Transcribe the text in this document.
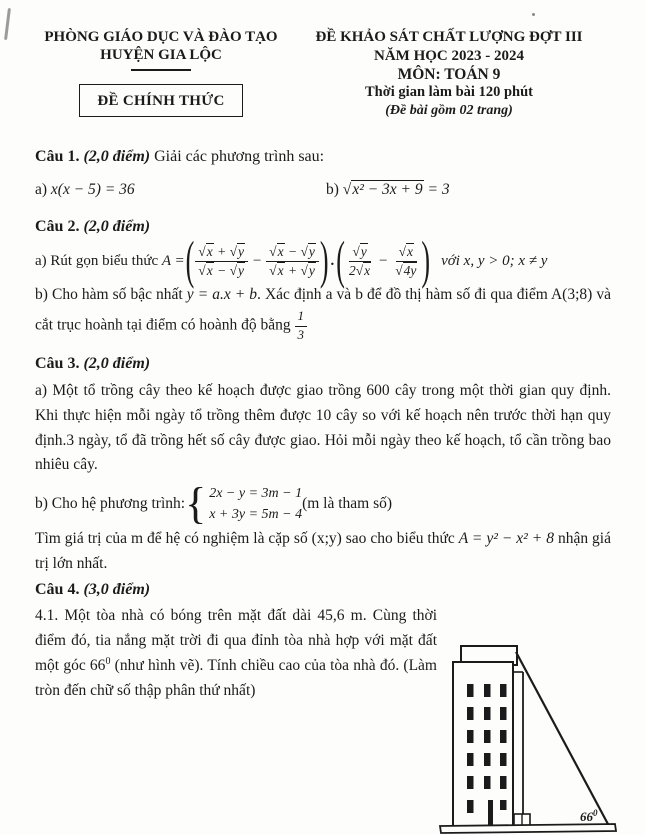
PHÒNG GIÁO DỤC VÀ ĐÀO TẠO
HUYỆN GIA LỘC
ĐỀ CHÍNH THỨC
ĐỀ KHẢO SÁT CHẤT LƯỢNG ĐỢT III
NĂM HỌC 2023 - 2024
MÔN: TOÁN 9
Thời gian làm bài 120 phút
(Đề bài gồm 02 trang)
Câu 1. (2,0 điểm) Giải các phương trình sau:
a) x(x − 5) = 36	b) √ x² − 3x + 9 = 3
Câu 2. (2,0 điểm)
a)
Rút gọn biểu thức
A = ( √ x + √ y
√ x − √ y − √ x − √ y
√ x + √ y ) . ( √ $\frac{y}{2 √ x}$ − √ x
√ 4y ) với x, y > 0; x ≠ y
b) Cho hàm số bậc nhất y = a.x + b. Xác định a và b để đồ thị hàm số đi qua điểm A(3;8) và cắt trục hoành tại điểm có hoành độ bằng $\frac{1}{3}$
Câu 3. (2,0 điểm)
a) Một tổ trồng cây theo kế hoạch được giao trồng 600 cây trong một thời gian quy định. Khi thực hiện mỗi ngày tổ trồng thêm được 10 cây so với kế hoạch nên trước thời hạn quy định.3 ngày, tổ đã trồng hết số cây được giao. Hỏi mỗi ngày theo kế hoạch, tổ cần trồng bao nhiêu cây.
b)
Cho hệ phương trình: { 2x − y = 3m − 1
x + 3y = 5m − 4
(m là tham số)
Tìm giá trị của m để hệ có nghiệm là cặp số (x;y) sao cho biểu thức A = y² − x² + 8 nhận giá trị lớn nhất.
Câu 4. (3,0 điểm)
4.1. Một tòa nhà có bóng trên mặt đất dài 45,6 m. Cùng thời điểm đó, tia nắng mặt trời đi qua đỉnh tòa nhà hợp với mặt đất một góc $66^0$ (như hình vẽ). Tính chiều cao của tòa nhà đó. (Làm tròn đến chữ số thập phân thứ nhất)
$66^0$
